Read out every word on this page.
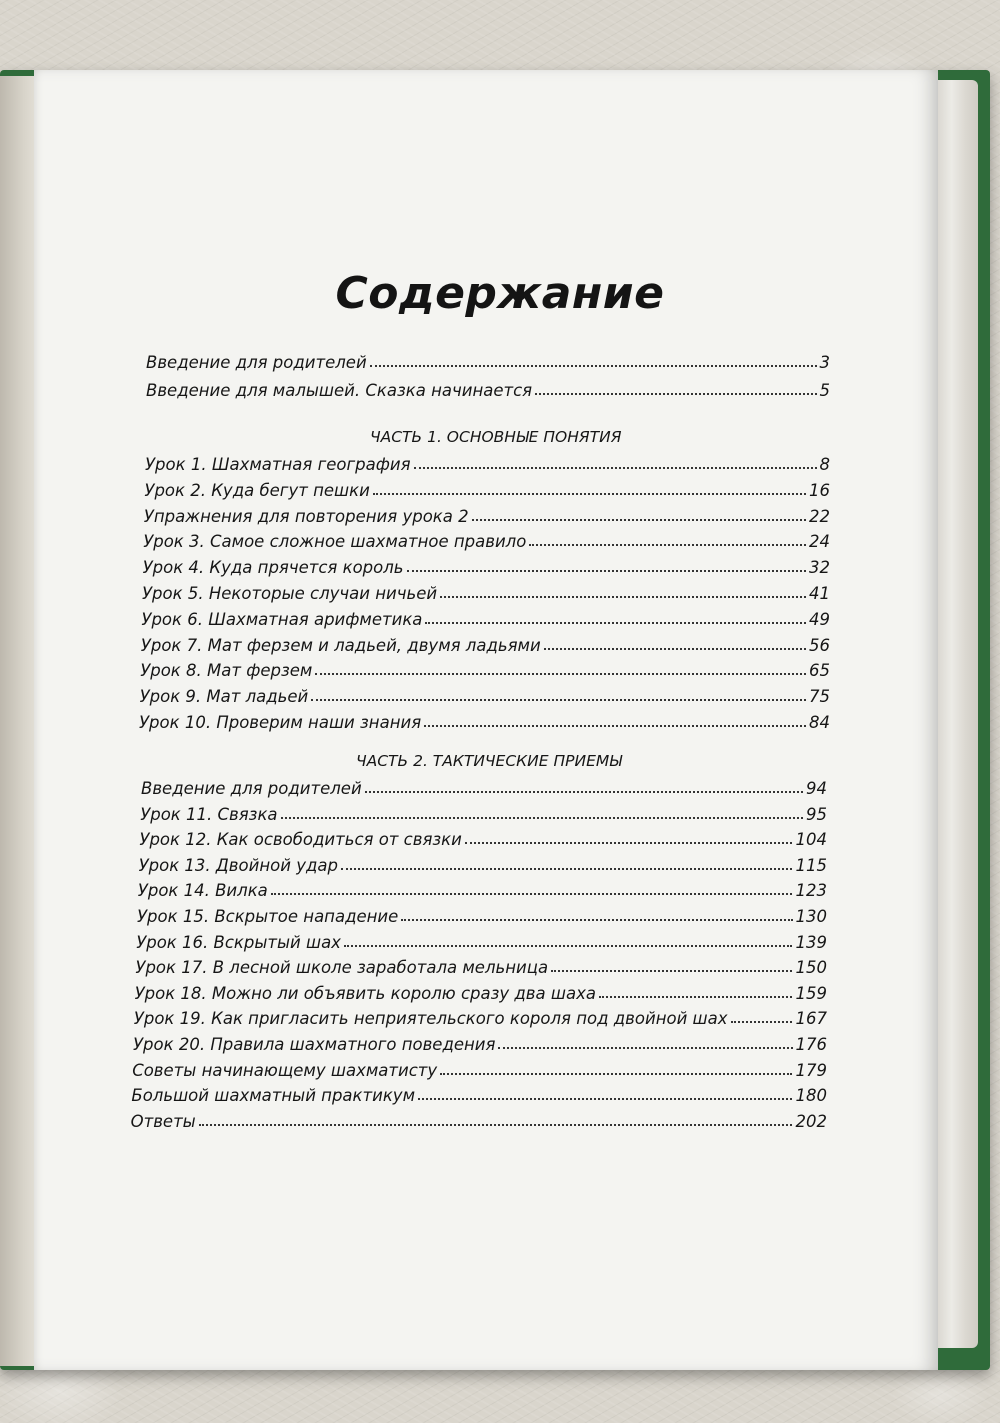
Содержание
Введение для родителей	3
Введение для малышей. Сказка начинается	5
ЧАСТЬ 1. ОСНОВНЫЕ ПОНЯТИЯ
Урок 1. Шахматная география	8
Урок 2. Куда бегут пешки	16
Упражнения для повторения урока 2	22
Урок 3. Самое сложное шахматное правило	24
Урок 4. Куда прячется король	32
Урок 5. Некоторые случаи ничьей	41
Урок 6. Шахматная арифметика	49
Урок 7. Мат ферзем и ладьей, двумя ладьями	56
Урок 8. Мат ферзем	65
Урок 9. Мат ладьей	75
Урок 10. Проверим наши знания	84
ЧАСТЬ 2. ТАКТИЧЕСКИЕ ПРИЕМЫ
Введение для родителей	94
Урок 11. Связка	95
Урок 12. Как освободиться от связки	104
Урок 13. Двойной удар	115
Урок 14. Вилка	123
Урок 15. Вскрытое нападение	130
Урок 16. Вскрытый шах	139
Урок 17. В лесной школе заработала мельница	150
Урок 18. Можно ли объявить королю сразу два шаха	159
Урок 19. Как пригласить неприятельского короля под двойной шах	167
Урок 20. Правила шахматного поведения	176
Советы начинающему шахматисту	179
Большой шахматный практикум	180
Ответы	202
